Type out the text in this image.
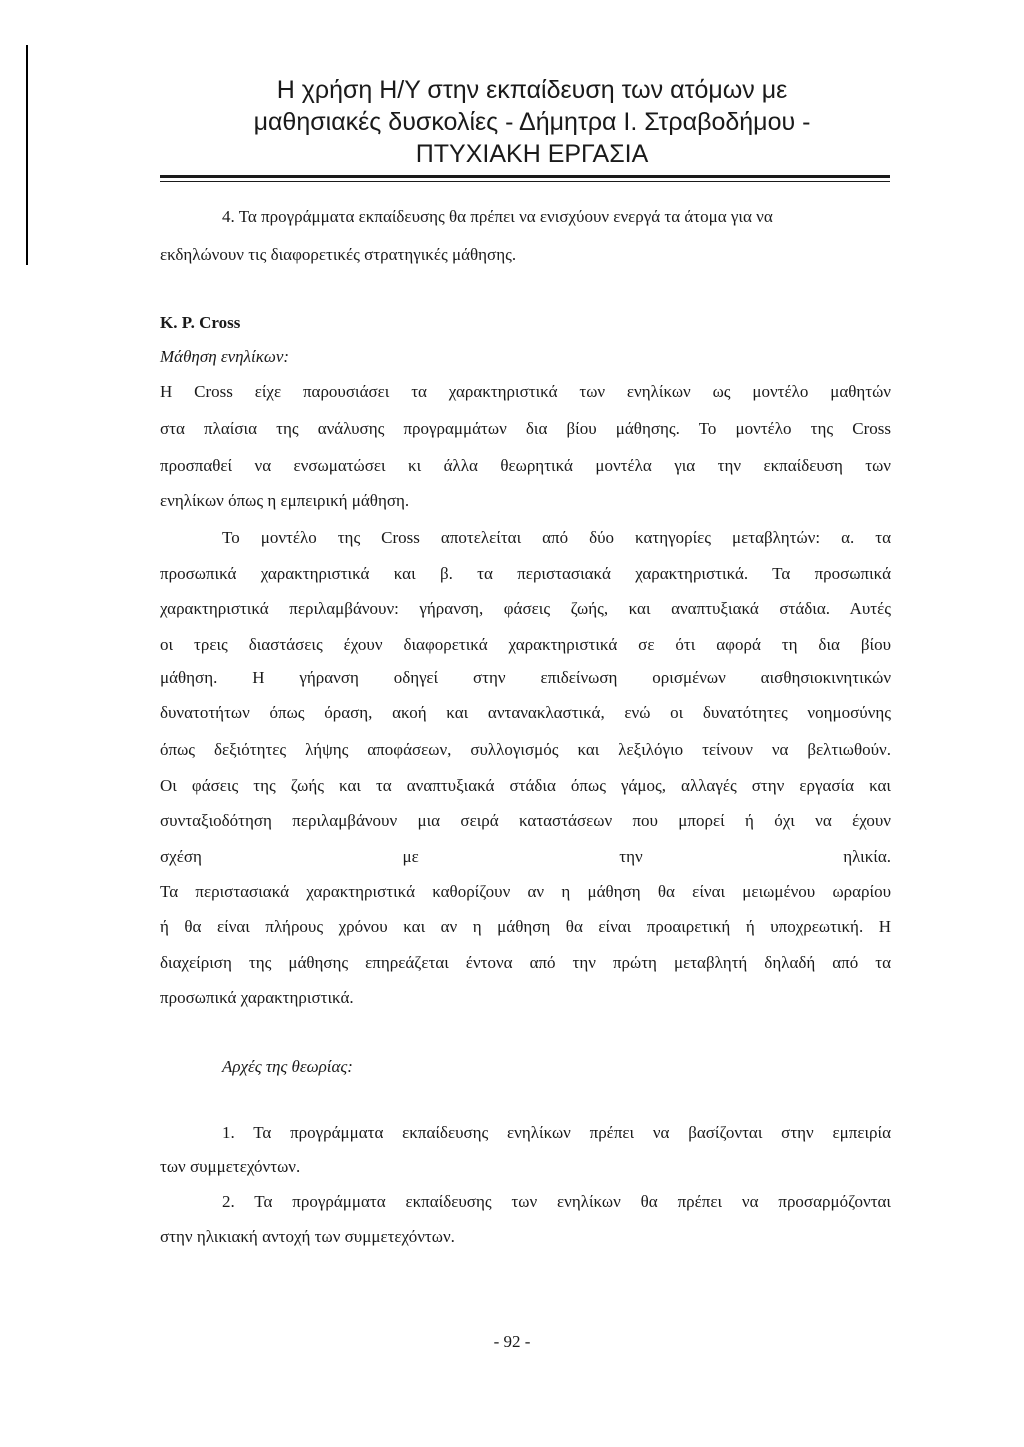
Η χρήση Η/Υ στην εκπαίδευση των ατόμων με
μαθησιακές δυσκολίες - Δήμητρα Ι. Στραβοδήμου -
ΠΤΥΧΙΑΚΗ ΕΡΓΑΣΙΑ
4. Τα προγράμματα εκπαίδευσης θα πρέπει να ενισχύουν ενεργά τα άτομα για να
εκδηλώνουν τις διαφορετικές στρατηγικές μάθησης.
Κ. Ρ. Cross
Μάθηση ενηλίκων:
Η Cross είχε παρουσιάσει τα χαρακτηριστικά των ενηλίκων ως μοντέλο μαθητών
στα πλαίσια της ανάλυσης προγραμμάτων δια βίου μάθησης. Το μοντέλο της Cross
προσπαθεί να ενσωματώσει κι άλλα θεωρητικά μοντέλα για την εκπαίδευση των
ενηλίκων όπως η εμπειρική μάθηση.
Το μοντέλο της Cross αποτελείται από δύο κατηγορίες μεταβλητών: α. τα
προσωπικά χαρακτηριστικά και β. τα περιστασιακά χαρακτηριστικά. Τα προσωπικά
χαρακτηριστικά περιλαμβάνουν: γήρανση, φάσεις ζωής, και αναπτυξιακά στάδια. Αυτές
οι τρεις διαστάσεις έχουν διαφορετικά χαρακτηριστικά σε ότι αφορά τη δια βίου
μάθηση. Η γήρανση οδηγεί στην επιδείνωση ορισμένων αισθησιοκινητικών
δυνατοτήτων όπως όραση, ακοή και αντανακλαστικά, ενώ οι δυνατότητες νοημοσύνης
όπως δεξιότητες λήψης αποφάσεων, συλλογισμός και λεξιλόγιο τείνουν να βελτιωθούν.
Οι φάσεις της ζωής και τα αναπτυξιακά στάδια όπως γάμος, αλλαγές στην εργασία και
συνταξιοδότηση περιλαμβάνουν μια σειρά καταστάσεων που μπορεί ή όχι να έχουν
σχέση με την ηλικία.
Τα περιστασιακά χαρακτηριστικά καθορίζουν αν η μάθηση θα είναι μειωμένου ωραρίου
ή θα είναι πλήρους χρόνου και αν η μάθηση θα είναι προαιρετική ή υποχρεωτική. Η
διαχείριση της μάθησης επηρεάζεται έντονα από την πρώτη μεταβλητή δηλαδή από τα
προσωπικά χαρακτηριστικά.
Αρχές της θεωρίας:
1. Τα προγράμματα εκπαίδευσης ενηλίκων πρέπει να βασίζονται στην εμπειρία
των συμμετεχόντων.
2. Τα προγράμματα εκπαίδευσης των ενηλίκων θα πρέπει να προσαρμόζονται
στην ηλικιακή αντοχή των συμμετεχόντων.
- 92 -
